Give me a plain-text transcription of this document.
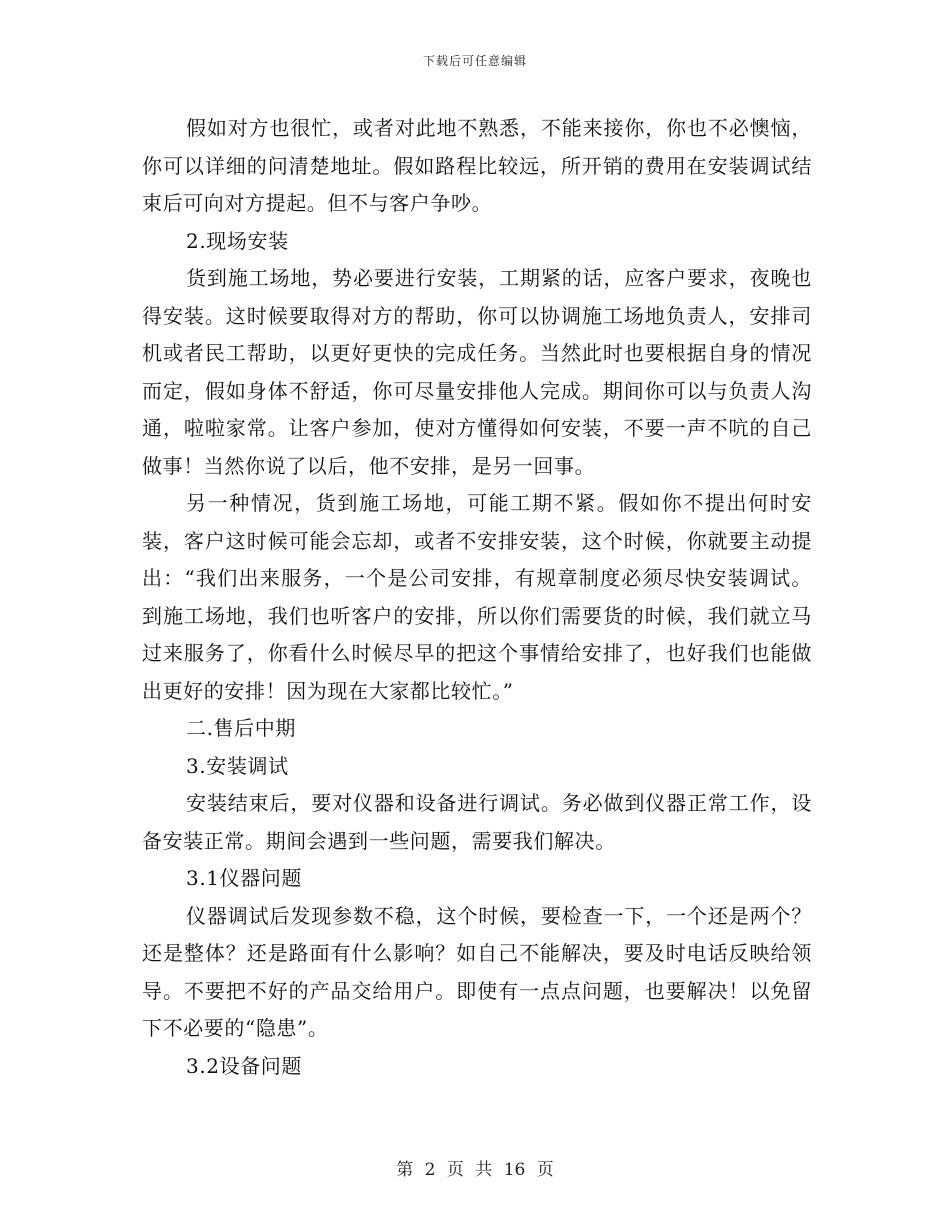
下载后可任意编辑

假如对方也很忙，或者对此地不熟悉，不能来接你，你也不必懊恼，你可以详细的问清楚地址。假如路程比较远，所开销的费用在安装调试结束后可向对方提起。但不与客户争吵。

2.现场安装

货到施工场地，势必要进行安装，工期紧的话，应客户要求，夜晚也得安装。这时候要取得对方的帮助，你可以协调施工场地负责人，安排司机或者民工帮助，以更好更快的完成任务。当然此时也要根据自身的情况而定，假如身体不舒适，你可尽量安排他人完成。期间你可以与负责人沟通，啦啦家常。让客户参加，使对方懂得如何安装，不要一声不吭的自己做事！当然你说了以后，他不安排，是另一回事。

另一种情况，货到施工场地，可能工期不紧。假如你不提出何时安装，客户这时候可能会忘却，或者不安排安装，这个时候，你就要主动提出：“我们出来服务，一个是公司安排，有规章制度必须尽快安装调试。到施工场地，我们也听客户的安排，所以你们需要货的时候，我们就立马过来服务了，你看什么时候尽早的把这个事情给安排了，也好我们也能做出更好的安排！因为现在大家都比较忙。”

二.售后中期

3.安装调试

安装结束后，要对仪器和设备进行调试。务必做到仪器正常工作，设备安装正常。期间会遇到一些问题，需要我们解决。

3.1仪器问题

仪器调试后发现参数不稳，这个时候，要检查一下，一个还是两个？还是整体？还是路面有什么影响？如自己不能解决，要及时电话反映给领导。不要把不好的产品交给用户。即使有一点点问题，也要解决！以免留下不必要的“隐患”。

3.2设备问题

第 2 页 共 16 页
